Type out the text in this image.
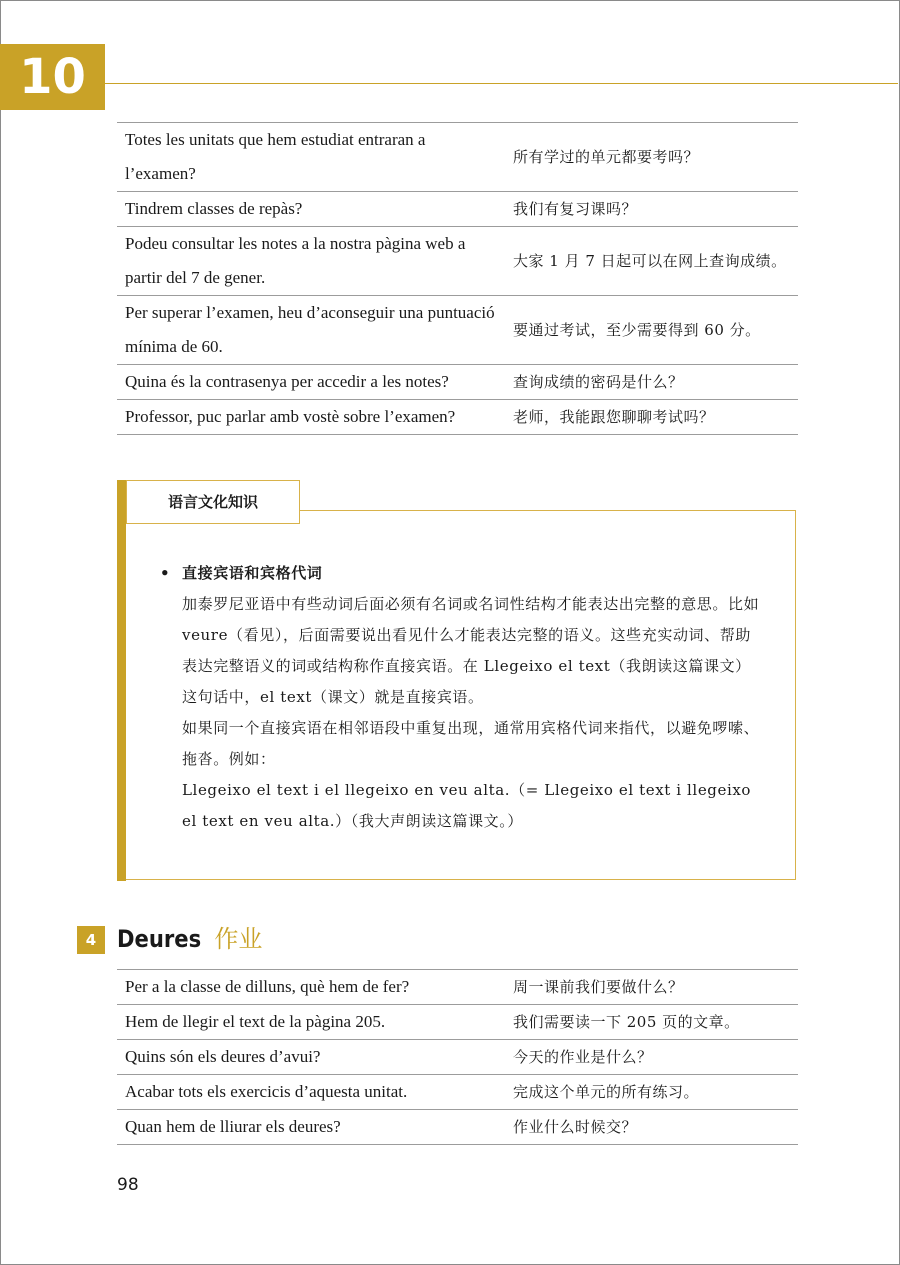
10
Totes les unitats que hem estudiat entraran a l’examen?	所有学过的单元都要考吗？
Tindrem classes de repàs?	我们有复习课吗？
Podeu consultar les notes a la nostra pàgina web a partir del 7 de gener.	大家 1 月 7 日起可以在网上查询成绩。
Per superar l’examen, heu d’aconseguir una puntuació mínima de 60.	要通过考试，至少需要得到 60 分。
Quina és la contrasenya per accedir a les notes?	查询成绩的密码是什么？
Professor, puc parlar amb vostè sobre l’examen?	老师，我能跟您聊聊考试吗？
语言文化知识
• 直接宾语和宾格代词

加泰罗尼亚语中有些动词后面必须有名词或名词性结构才能表达出完整的意思。比如 veure（看见），后面需要说出看见什么才能表达完整的语义。这些充实动词、帮助表达完整语义的词或结构称作直接宾语。在 Llegeixo el text（我朗读这篇课文）这句话中，el text（课文）就是直接宾语。

如果同一个直接宾语在相邻语段中重复出现，通常用宾格代词来指代，以避免啰嗦、拖沓。例如：

Llegeixo el text i el llegeixo en veu alta.（= Llegeixo el text i llegeixo el text en veu alta.）（我大声朗读这篇课文。）

4 Deures 作业
Per a la classe de dilluns, què hem de fer?	周一课前我们要做什么？
Hem de llegir el text de la pàgina 205.	我们需要读一下 205 页的文章。
Quins són els deures d’avui?	今天的作业是什么？
Acabar tots els exercicis d’aquesta unitat.	完成这个单元的所有练习。
Quan hem de lliurar els deures?	作业什么时候交？
98
